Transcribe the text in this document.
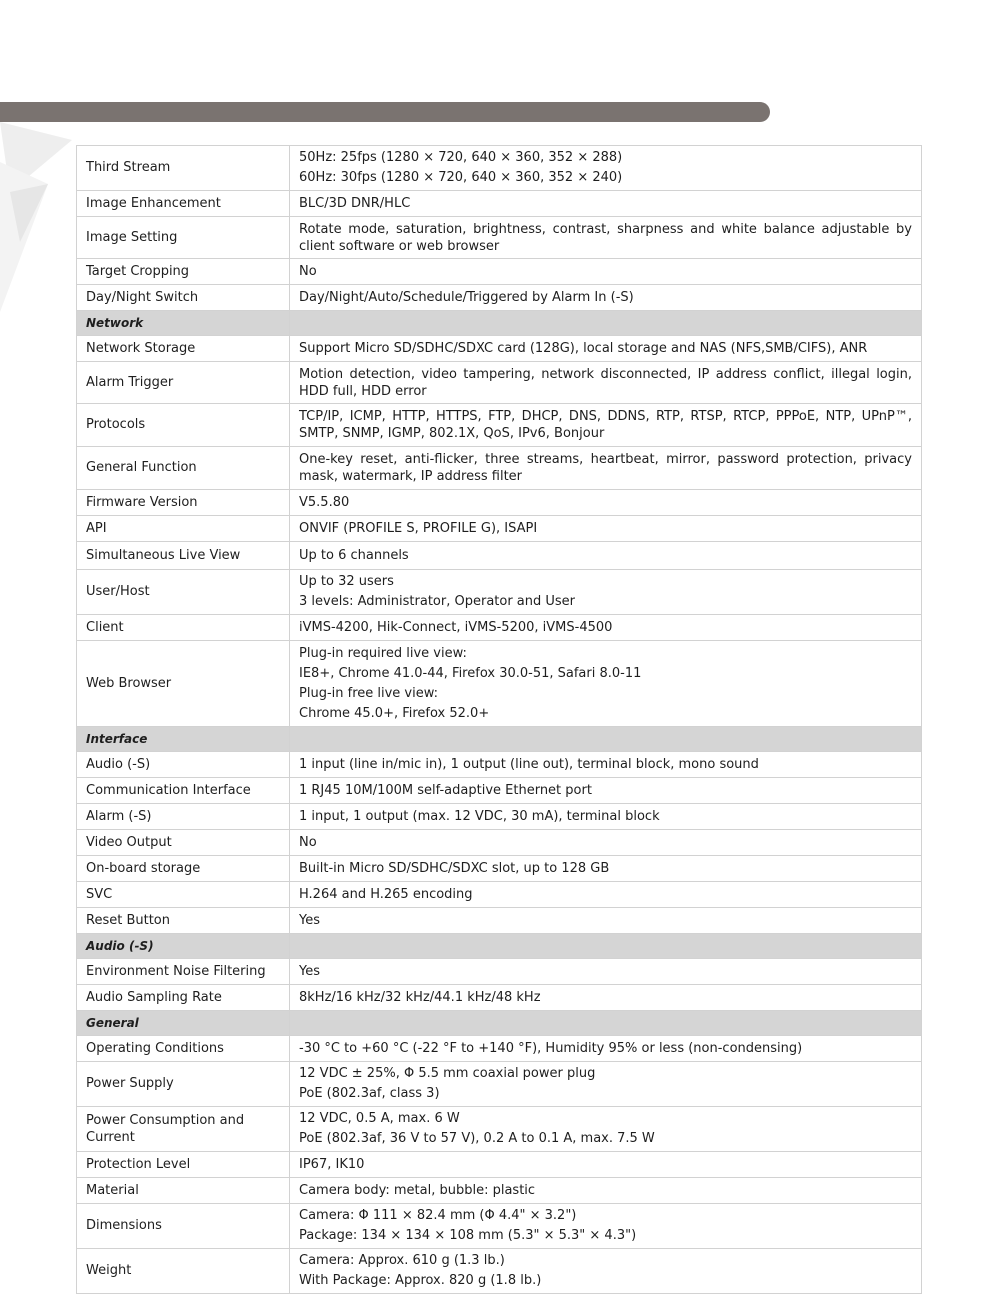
Third Stream	50Hz: 25fps (1280 × 720, 640 × 360, 352 × 288)
60Hz: 30fps (1280 × 720, 640 × 360, 352 × 240)

Image Enhancement	BLC/3D DNR/HLC

Image Setting	Rotate mode, saturation, brightness, contrast, sharpness and white balance adjustable by client software or web browser

Target Cropping	No

Day/Night Switch	Day/Night/Auto/Schedule/Triggered by Alarm In (-S)

Network	
Network Storage	Support Micro SD/SDHC/SDXC card (128G), local storage and NAS (NFS,SMB/CIFS), ANR

Alarm Trigger	Motion detection, video tampering, network disconnected, IP address conflict, illegal login, HDD full, HDD error

Protocols	TCP/IP, ICMP, HTTP, HTTPS, FTP, DHCP, DNS, DDNS, RTP, RTSP, RTCP, PPPoE, NTP, UPnP™, SMTP, SNMP, IGMP, 802.1X, QoS, IPv6, Bonjour

General Function	One-key reset, anti-flicker, three streams, heartbeat, mirror, password protection, privacy mask, watermark, IP address filter

Firmware Version	V5.5.80

API	ONVIF (PROFILE S, PROFILE G), ISAPI

Simultaneous Live View	Up to 6 channels

User/Host	Up to 32 users
3 levels: Administrator, Operator and User

Client	iVMS-4200, Hik-Connect, iVMS-5200, iVMS-4500

Web Browser	Plug-in required live view:
IE8+, Chrome 41.0-44, Firefox 30.0-51, Safari 8.0-11
Plug-in free live view:
Chrome 45.0+, Firefox 52.0+

Interface	
Audio (-S)	1 input (line in/mic in), 1 output (line out), terminal block, mono sound

Communication Interface	1 RJ45 10M/100M self-adaptive Ethernet port

Alarm (-S)	1 input, 1 output (max. 12 VDC, 30 mA), terminal block

Video Output	No

On-board storage	Built-in Micro SD/SDHC/SDXC slot, up to 128 GB

SVC	H.264 and H.265 encoding

Reset Button	Yes

Audio (-S)	
Environment Noise Filtering	Yes

Audio Sampling Rate	8kHz/16 kHz/32 kHz/44.1 kHz/48 kHz

General	
Operating Conditions	-30 °C to +60 °C (-22 °F to +140 °F), Humidity 95% or less (non-condensing)

Power Supply	12 VDC ± 25%, Φ 5.5 mm coaxial power plug
PoE (802.3af, class 3)

Power Consumption and Current	12 VDC, 0.5 A, max. 6 W
PoE (802.3af, 36 V to 57 V), 0.2 A to 0.1 A, max. 7.5 W

Protection Level	IP67, IK10

Material	Camera body: metal, bubble: plastic

Dimensions	Camera: Φ 111 × 82.4 mm (Φ 4.4" × 3.2")
Package: 134 × 134 × 108 mm (5.3" × 5.3" × 4.3")

Weight	Camera: Approx. 610 g (1.3 lb.)
With Package: Approx. 820 g (1.8 lb.)
